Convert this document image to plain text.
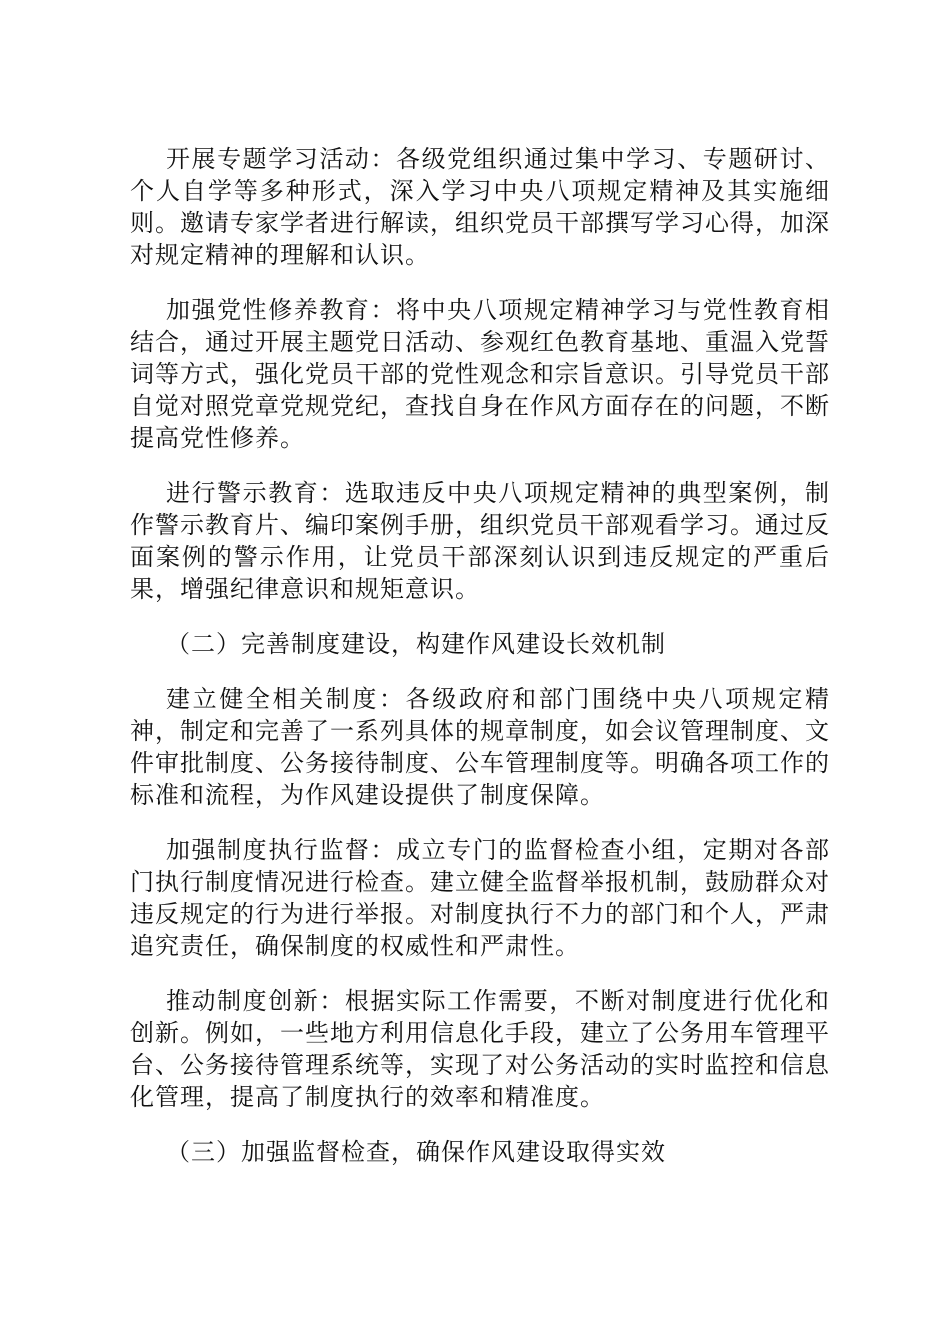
开展专题学习活动：各级党组织通过集中学习、专题研讨、个人自学等多种形式，深入学习中央八项规定精神及其实施细则。邀请专家学者进行解读，组织党员干部撰写学习心得，加深对规定精神的理解和认识。

加强党性修养教育：将中央八项规定精神学习与党性教育相结合，通过开展主题党日活动、参观红色教育基地、重温入党誓词等方式，强化党员干部的党性观念和宗旨意识。引导党员干部自觉对照党章党规党纪，查找自身在作风方面存在的问题，不断提高党性修养。

进行警示教育：选取违反中央八项规定精神的典型案例，制作警示教育片、编印案例手册，组织党员干部观看学习。通过反面案例的警示作用，让党员干部深刻认识到违反规定的严重后果，增强纪律意识和规矩意识。

（二）完善制度建设，构建作风建设长效机制

建立健全相关制度：各级政府和部门围绕中央八项规定精神，制定和完善了一系列具体的规章制度，如会议管理制度、文件审批制度、公务接待制度、公车管理制度等。明确各项工作的标准和流程，为作风建设提供了制度保障。

加强制度执行监督：成立专门的监督检查小组，定期对各部门执行制度情况进行检查。建立健全监督举报机制，鼓励群众对违反规定的行为进行举报。对制度执行不力的部门和个人，严肃追究责任，确保制度的权威性和严肃性。

推动制度创新：根据实际工作需要，不断对制度进行优化和创新。例如，一些地方利用信息化手段，建立了公务用车管理平台、公务接待管理系统等，实现了对公务活动的实时监控和信息化管理，提高了制度执行的效率和精准度。

（三）加强监督检查，确保作风建设取得实效
